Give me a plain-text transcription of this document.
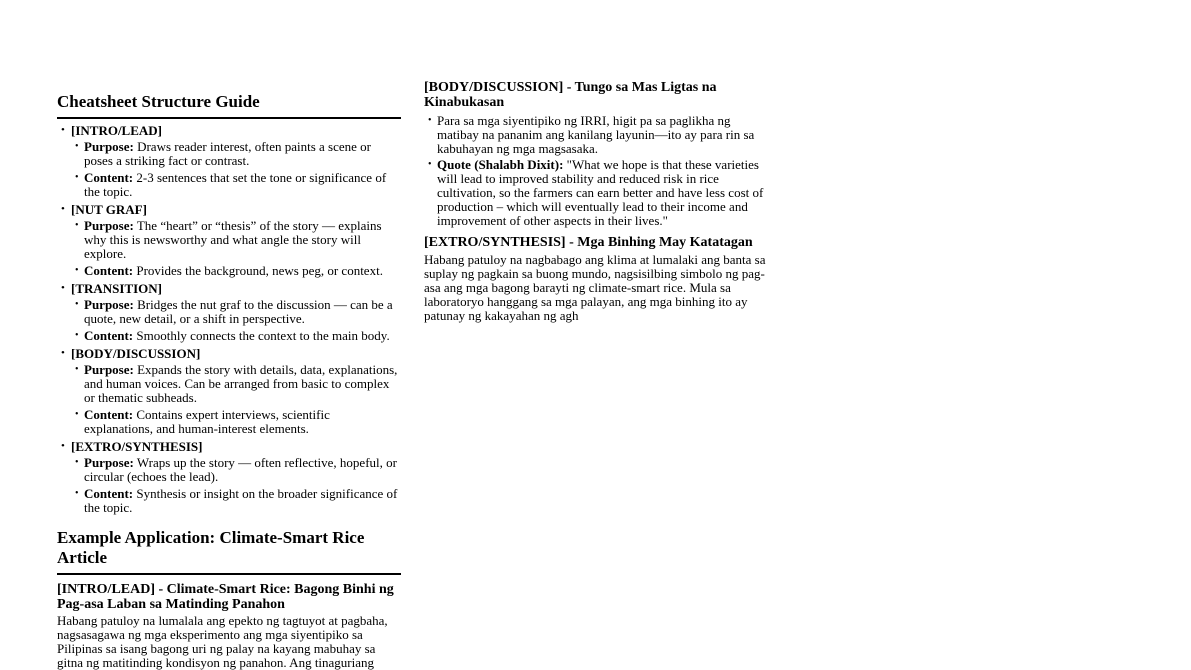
Cheatsheet Structure Guide
• [INTRO/LEAD]
• Purpose: Draws reader interest, often paints a scene or poses a striking fact or contrast.
• Content: 2-3 sentences that set the tone or significance of the topic.
• [NUT GRAF]
• Purpose: The “heart” or “thesis” of the story — explains why this is newsworthy and what angle the story will explore.
• Content: Provides the background, news peg, or context.
• [TRANSITION]
• Purpose: Bridges the nut graf to the discussion — can be a quote, new detail, or a shift in perspective.
• Content: Smoothly connects the context to the main body.
• [BODY/DISCUSSION]
• Purpose: Expands the story with details, data, explanations, and human voices. Can be arranged from basic to complex or thematic subheads.
• Content: Contains expert interviews, scientific explanations, and human-interest elements.
• [EXTRO/SYNTHESIS]
• Purpose: Wraps up the story — often reflective, hopeful, or circular (echoes the lead).
• Content: Synthesis or insight on the broader significance of the topic.
Example Application: Climate-Smart Rice Article
[INTRO/LEAD] - Climate-Smart Rice: Bagong Binhi ng Pag-asa Laban sa Matinding Panahon

Habang patuloy na lumalala ang epekto ng tagtuyot at pagbaha, nagsasagawa ng mga eksperimento ang mga siyentipiko sa Pilipinas sa isang bagong uri ng palay na kayang mabuhay sa gitna ng matitinding kondisyon ng panahon. Ang tinaguriang

[BODY/DISCUSSION] - Tungo sa Mas Ligtas na Kinabukasan
• Para sa mga siyentipiko ng IRRI, higit pa sa paglikha ng matibay na pananim ang kanilang layunin—ito ay para rin sa kabuhayan ng mga magsasaka.
• Quote (Shalabh Dixit): "What we hope is that these varieties will lead to improved stability and reduced risk in rice cultivation, so the farmers can earn better and have less cost of production – which will eventually lead to their income and improvement of other aspects in their lives."
[EXTRO/SYNTHESIS] - Mga Binhing May Katatagan

Habang patuloy na nagbabago ang klima at lumalaki ang banta sa suplay ng pagkain sa buong mundo, nagsisilbing simbolo ng pag-asa ang mga bagong barayti ng climate-smart rice. Mula sa laboratoryo hanggang sa mga palayan, ang mga binhing ito ay patunay ng kakayahan ng agh
